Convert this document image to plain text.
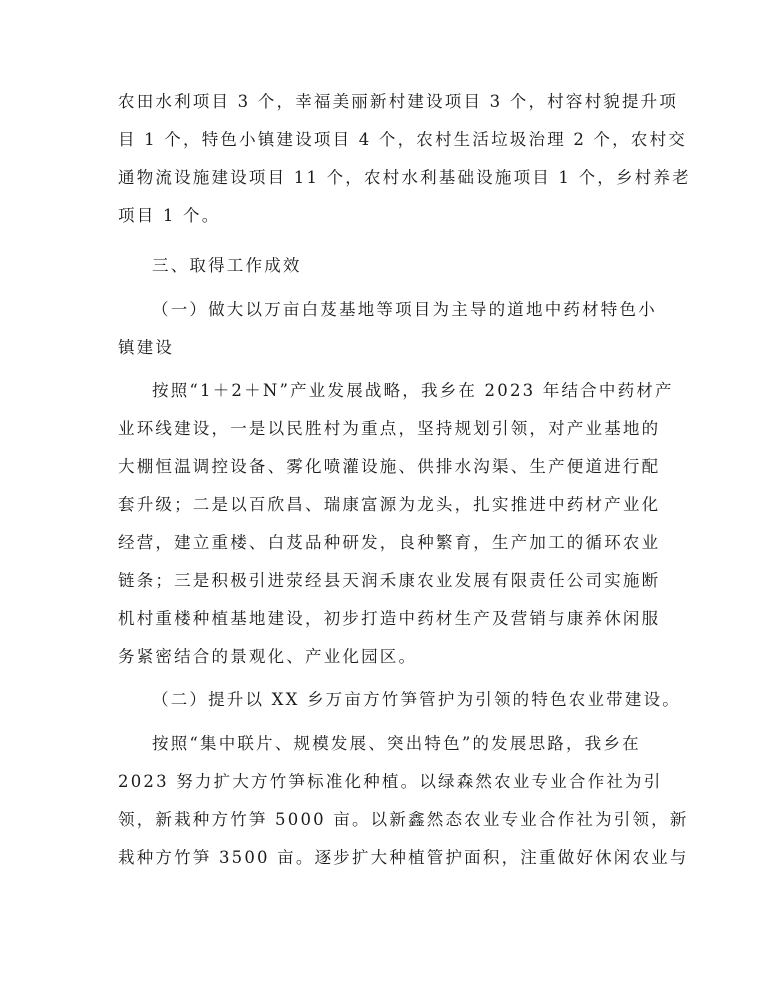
农田水利项目 3 个，幸福美丽新村建设项目 3 个，村容村貌提升项
目 1 个，特色小镇建设项目 4 个，农村生活垃圾治理 2 个，农村交
通物流设施建设项目 11 个，农村水利基础设施项目 1 个，乡村养老
项目 1 个。
三、取得工作成效
（一）做大以万亩白芨基地等项目为主导的道地中药材特色小
镇建设
按照“1＋2＋N”产业发展战略，我乡在 2023 年结合中药材产
业环线建设，一是以民胜村为重点，坚持规划引领，对产业基地的
大棚恒温调控设备、雾化喷灌设施、供排水沟渠、生产便道进行配
套升级；二是以百欣昌、瑞康富源为龙头，扎实推进中药材产业化
经营，建立重楼、白芨品种研发，良种繁育，生产加工的循环农业
链条；三是积极引进荥经县天润禾康农业发展有限责任公司实施断
机村重楼种植基地建设，初步打造中药材生产及营销与康养休闲服
务紧密结合的景观化、产业化园区。
（二）提升以 XX 乡万亩方竹笋管护为引领的特色农业带建设。
按照“集中联片、规模发展、突出特色”的发展思路，我乡在
2023 努力扩大方竹笋标准化种植。以绿森然农业专业合作社为引
领，新栽种方竹笋 5000 亩。以新鑫然态农业专业合作社为引领，新
栽种方竹笋 3500 亩。逐步扩大种植管护面积，注重做好休闲农业与
